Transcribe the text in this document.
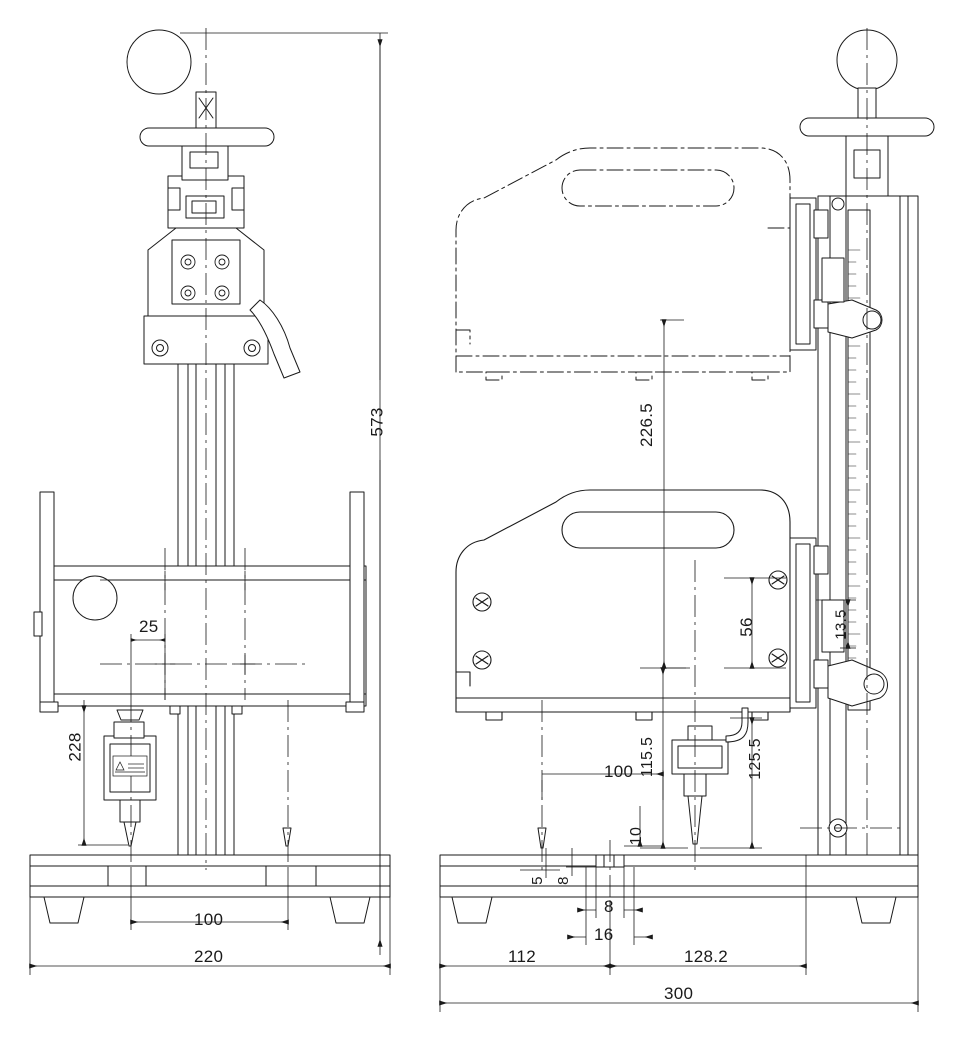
573
25
228
100
220
226.5
56	13.5
115.5	125.5
100
10
5 8
8
16
112	128.2
300
